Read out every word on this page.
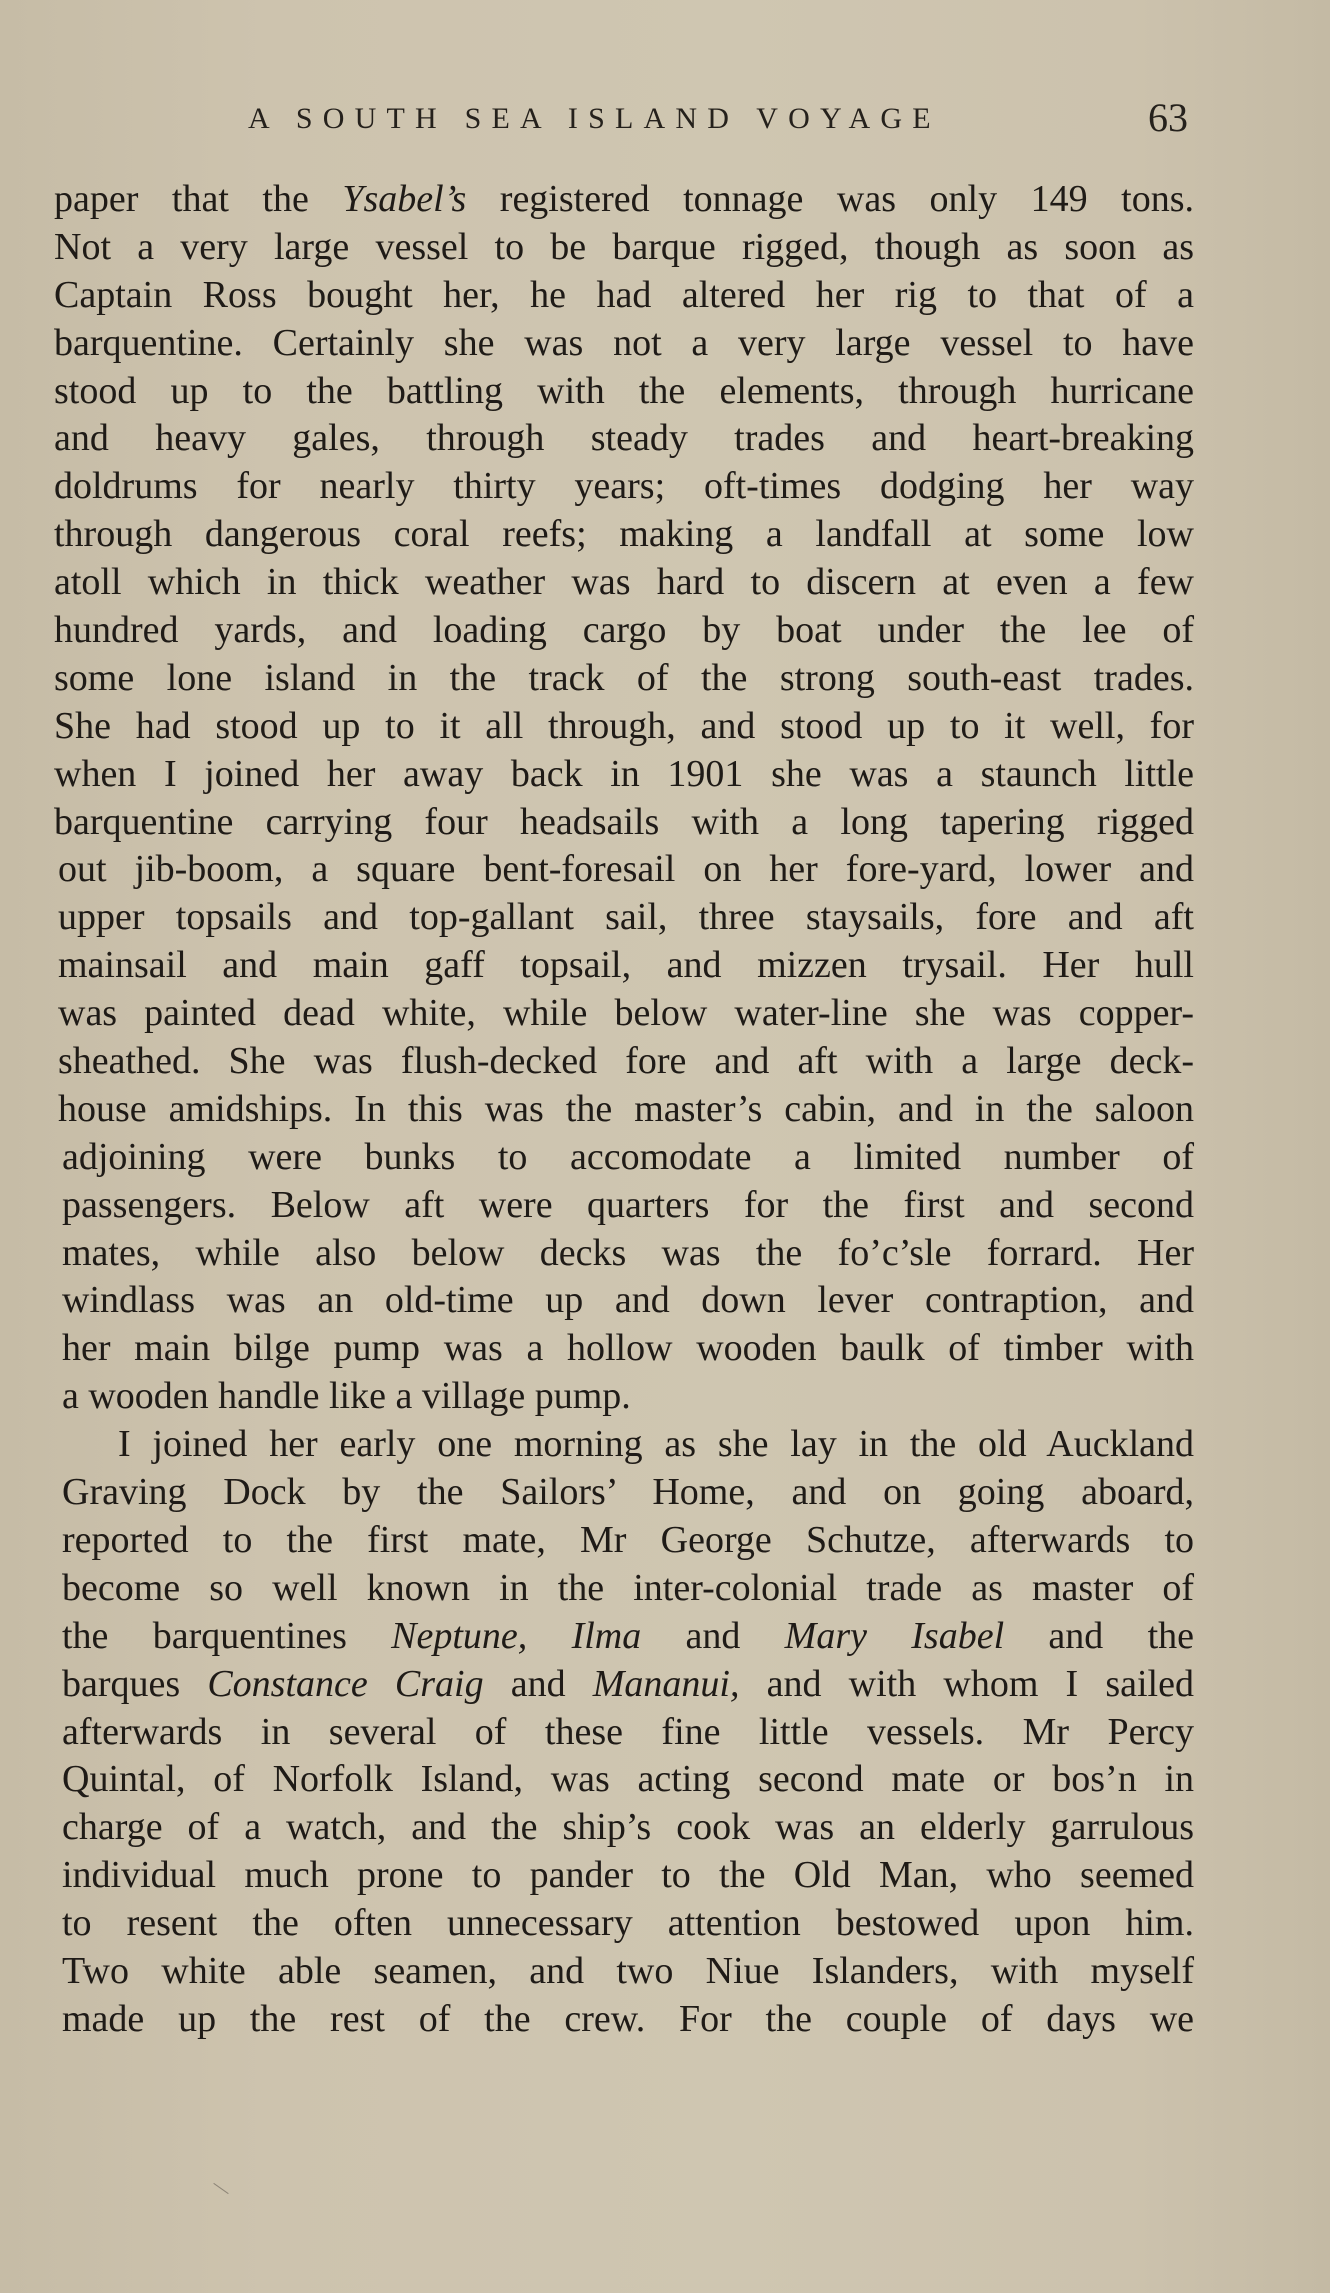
A SOUTH SEA ISLAND VOYAGE	63
paper that the Ysabel’s registered tonnage was only 149 tons.
Not a very large vessel to be barque rigged, though as soon as
Captain Ross bought her, he had altered her rig to that of a
barquentine. Certainly she was not a very large vessel to have
stood up to the battling with the elements, through hurricane
and heavy gales, through steady trades and heart-breaking
doldrums for nearly thirty years; oft-times dodging her way
through dangerous coral reefs; making a landfall at some low
atoll which in thick weather was hard to discern at even a few
hundred yards, and loading cargo by boat under the lee of
some lone island in the track of the strong south-east trades.
She had stood up to it all through, and stood up to it well, for
when I joined her away back in 1901 she was a staunch little
barquentine carrying four headsails with a long tapering rigged
out jib-boom, a square bent-foresail on her fore-yard, lower and
upper topsails and top-gallant sail, three staysails, fore and aft
mainsail and main gaff topsail, and mizzen trysail. Her hull
was painted dead white, while below water-line she was copper-
sheathed. She was flush-decked fore and aft with a large deck-
house amidships. In this was the master’s cabin, and in the saloon
adjoining were bunks to accomodate a limited number of
passengers. Below aft were quarters for the first and second
mates, while also below decks was the fo’c’sle forrard. Her
windlass was an old-time up and down lever contraption, and
her main bilge pump was a hollow wooden baulk of timber with
a wooden handle like a village pump.
I joined her early one morning as she lay in the old Auckland
Graving Dock by the Sailors’ Home, and on going aboard,
reported to the first mate, Mr George Schutze, afterwards to
become so well known in the inter-colonial trade as master of
the barquentines Neptune, Ilma and Mary Isabel and the
barques Constance Craig and Mananui, and with whom I sailed
afterwards in several of these fine little vessels. Mr Percy
Quintal, of Norfolk Island, was acting second mate or bos’n in
charge of a watch, and the ship’s cook was an elderly garrulous
individual much prone to pander to the Old Man, who seemed
to resent the often unnecessary attention bestowed upon him.
Two white able seamen, and two Niue Islanders, with myself
made up the rest of the crew. For the couple of days we
